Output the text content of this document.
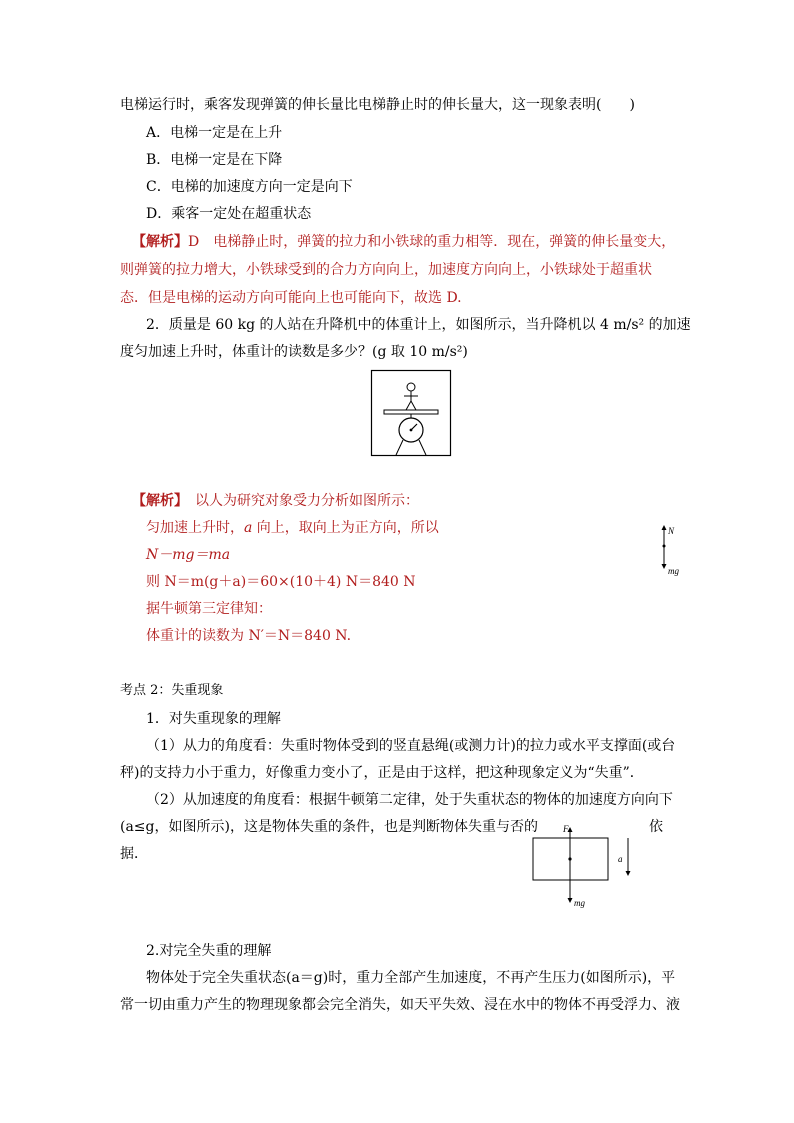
电梯运行时，乘客发现弹簧的伸长量比电梯静止时的伸长量大，这一现象表明(　　)
A．电梯一定是在上升
B．电梯一定是在下降
C．电梯的加速度方向一定是向下
D．乘客一定处在超重状态
【解析】D　电梯静止时，弹簧的拉力和小铁球的重力相等．现在，弹簧的伸长量变大，
则弹簧的拉力增大，小铁球受到的合力方向向上，加速度方向向上，小铁球处于超重状
态．但是电梯的运动方向可能向上也可能向下，故选 D.
2．质量是 60 kg 的人站在升降机中的体重计上，如图所示，当升降机以 4 m/s² 的加速
度匀加速上升时，体重计的读数是多少？(g 取 10 m/s²)
【解析】　以人为研究对象受力分析如图所示：
匀加速上升时，a 向上，取向上为正方向，所以
N－mg＝ma
则 N＝m(g＋a)＝60×(10＋4) N＝840 N
据牛顿第三定律知：
体重计的读数为 N′＝N＝840 N.
N
mg
考点 2：失重现象
1．对失重现象的理解
（1）从力的角度看：失重时物体受到的竖直悬绳(或测力计)的拉力或水平支撑面(或台
秤)的支持力小于重力，好像重力变小了，正是由于这样，把这种现象定义为“失重”．
（2）从加速度的角度看：根据牛顿第二定律，处于失重状态的物体的加速度方向向下
(a≤g，如图所示)，这是物体失重的条件，也是判断物体失重与否的	依
据．
F
a
mg
2.对完全失重的理解
物体处于完全失重状态(a＝g)时，重力全部产生加速度，不再产生压力(如图所示)，平
常一切由重力产生的物理现象都会完全消失，如天平失效、浸在水中的物体不再受浮力、液
